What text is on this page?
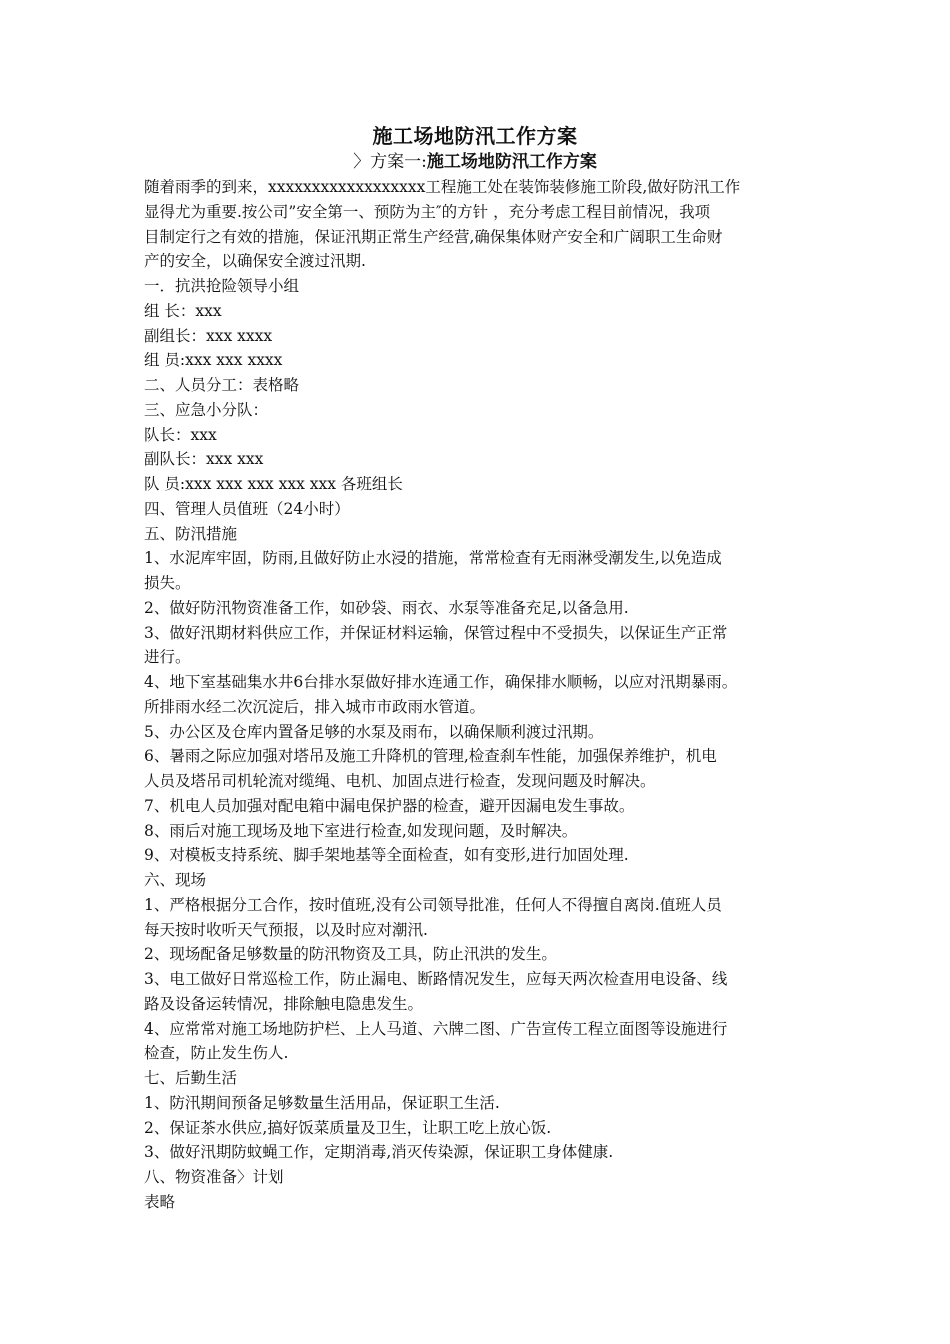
施工场地防汛工作方案
〉方案一:施工场地防汛工作方案

随着雨季的到来，xxxxxxxxxxxxxxxxxx工程施工处在装饰装修施工阶段,做好防汛工作

显得尤为重要.按公司”安全第一、预防为主″的方针 ，充分考虑工程目前情况，我项

目制定行之有效的措施，保证汛期正常生产经营,确保集体财产安全和广阔职工生命财

产的安全，以确保安全渡过汛期.

一．抗洪抢险领导小组

组 长：xxx

副组长：xxx xxxx

组 员:xxx xxx xxxx

二、人员分工：表格略

三、应急小分队：

队长：xxx

副队长：xxx xxx

队 员:xxx xxx xxx xxx xxx 各班组长

四、管理人员值班（24小时）

五、防汛措施

1、水泥库牢固，防雨,且做好防止水浸的措施，常常检查有无雨淋受潮发生,以免造成

损失。

2、做好防汛物资准备工作，如砂袋、雨衣、水泵等准备充足,以备急用.

3、做好汛期材料供应工作，并保证材料运输，保管过程中不受损失，以保证生产正常

进行。

4、地下室基础集水井6台排水泵做好排水连通工作，确保排水顺畅，以应对汛期暴雨。

所排雨水经二次沉淀后，排入城市市政雨水管道。

5、办公区及仓库内置备足够的水泵及雨布，以确保顺利渡过汛期。

6、暑雨之际应加强对塔吊及施工升降机的管理,检查刹车性能，加强保养维护，机电

人员及塔吊司机轮流对缆绳、电机、加固点进行检查，发现问题及时解决。

7、机电人员加强对配电箱中漏电保护器的检查，避开因漏电发生事故。

8、雨后对施工现场及地下室进行检查,如发现问题，及时解决。

9、对模板支持系统、脚手架地基等全面检查，如有变形,进行加固处理.

六、现场

1、严格根据分工合作，按时值班,没有公司领导批准，任何人不得擅自离岗.值班人员

每天按时收听天气预报，以及时应对潮汛.

2、现场配备足够数量的防汛物资及工具，防止汛洪的发生。

3、电工做好日常巡检工作，防止漏电、断路情况发生，应每天两次检查用电设备、线

路及设备运转情况，排除触电隐患发生。

4、应常常对施工场地防护栏、上人马道、六牌二图、广告宣传工程立面图等设施进行

检查，防止发生伤人.

七、后勤生活

1、防汛期间预备足够数量生活用品，保证职工生活.

2、保证茶水供应,搞好饭菜质量及卫生，让职工吃上放心饭.

3、做好汛期防蚊蝇工作，定期消毒,消灭传染源，保证职工身体健康.

八、物资准备〉计划

表略
